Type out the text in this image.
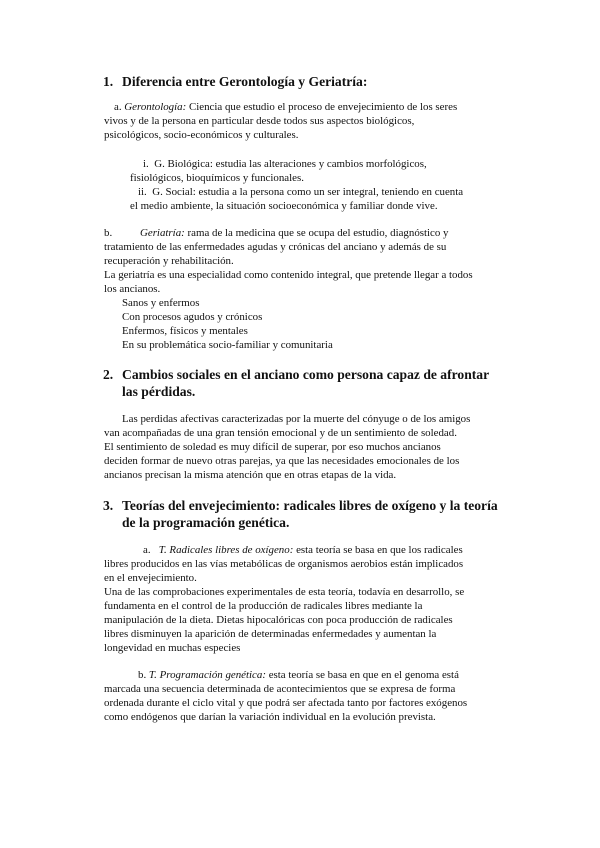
1. Diferencia entre Gerontología y Geriatría:
a. Gerontología: Ciencia que estudio el proceso de envejecimiento de los seres
vivos y de la persona en particular desde todos sus aspectos biológicos,
psicológicos, socio-económicos y culturales.
i. G. Biológica: estudia las alteraciones y cambios morfológicos,
fisiológicos, bioquímicos y funcionales.
ii. G. Social: estudia a la persona como un ser integral, teniendo en cuenta
el medio ambiente, la situación socioeconómica y familiar donde vive.
b.	Geriatría: rama de la medicina que se ocupa del estudio, diagnóstico y
tratamiento de las enfermedades agudas y crónicas del anciano y además de su
recuperación y rehabilitación.
La geriatría es una especialidad como contenido integral, que pretende llegar a todos
los ancianos.
Sanos y enfermos
Con procesos agudos y crónicos
Enfermos, físicos y mentales
En su problemática socio-familiar y comunitaria
2. Cambios sociales en el anciano como persona capaz de afrontar
las pérdidas.
Las perdidas afectivas caracterizadas por la muerte del cónyuge o de los amigos
van acompañadas de una gran tensión emocional y de un sentimiento de soledad.
El sentimiento de soledad es muy difícil de superar, por eso muchos ancianos
deciden formar de nuevo otras parejas, ya que las necesidades emocionales de los
ancianos precisan la misma atención que en otras etapas de la vida.
3. Teorías del envejecimiento: radicales libres de oxígeno y la teoría
de la programación genética.
a. T. Radicales libres de oxígeno: esta teoría se basa en que los radicales
libres producidos en las vías metabólicas de organismos aerobios están implicados
en el envejecimiento.
Una de las comprobaciones experimentales de esta teoría, todavía en desarrollo, se
fundamenta en el control de la producción de radicales libres mediante la
manipulación de la dieta. Dietas hipocalóricas con poca producción de radicales
libres disminuyen la aparición de determinadas enfermedades y aumentan la
longevidad en muchas especies
b. T. Programación genética: esta teoría se basa en que en el genoma está
marcada una secuencia determinada de acontecimientos que se expresa de forma
ordenada durante el ciclo vital y que podrá ser afectada tanto por factores exógenos
como endógenos que darían la variación individual en la evolución prevista.
